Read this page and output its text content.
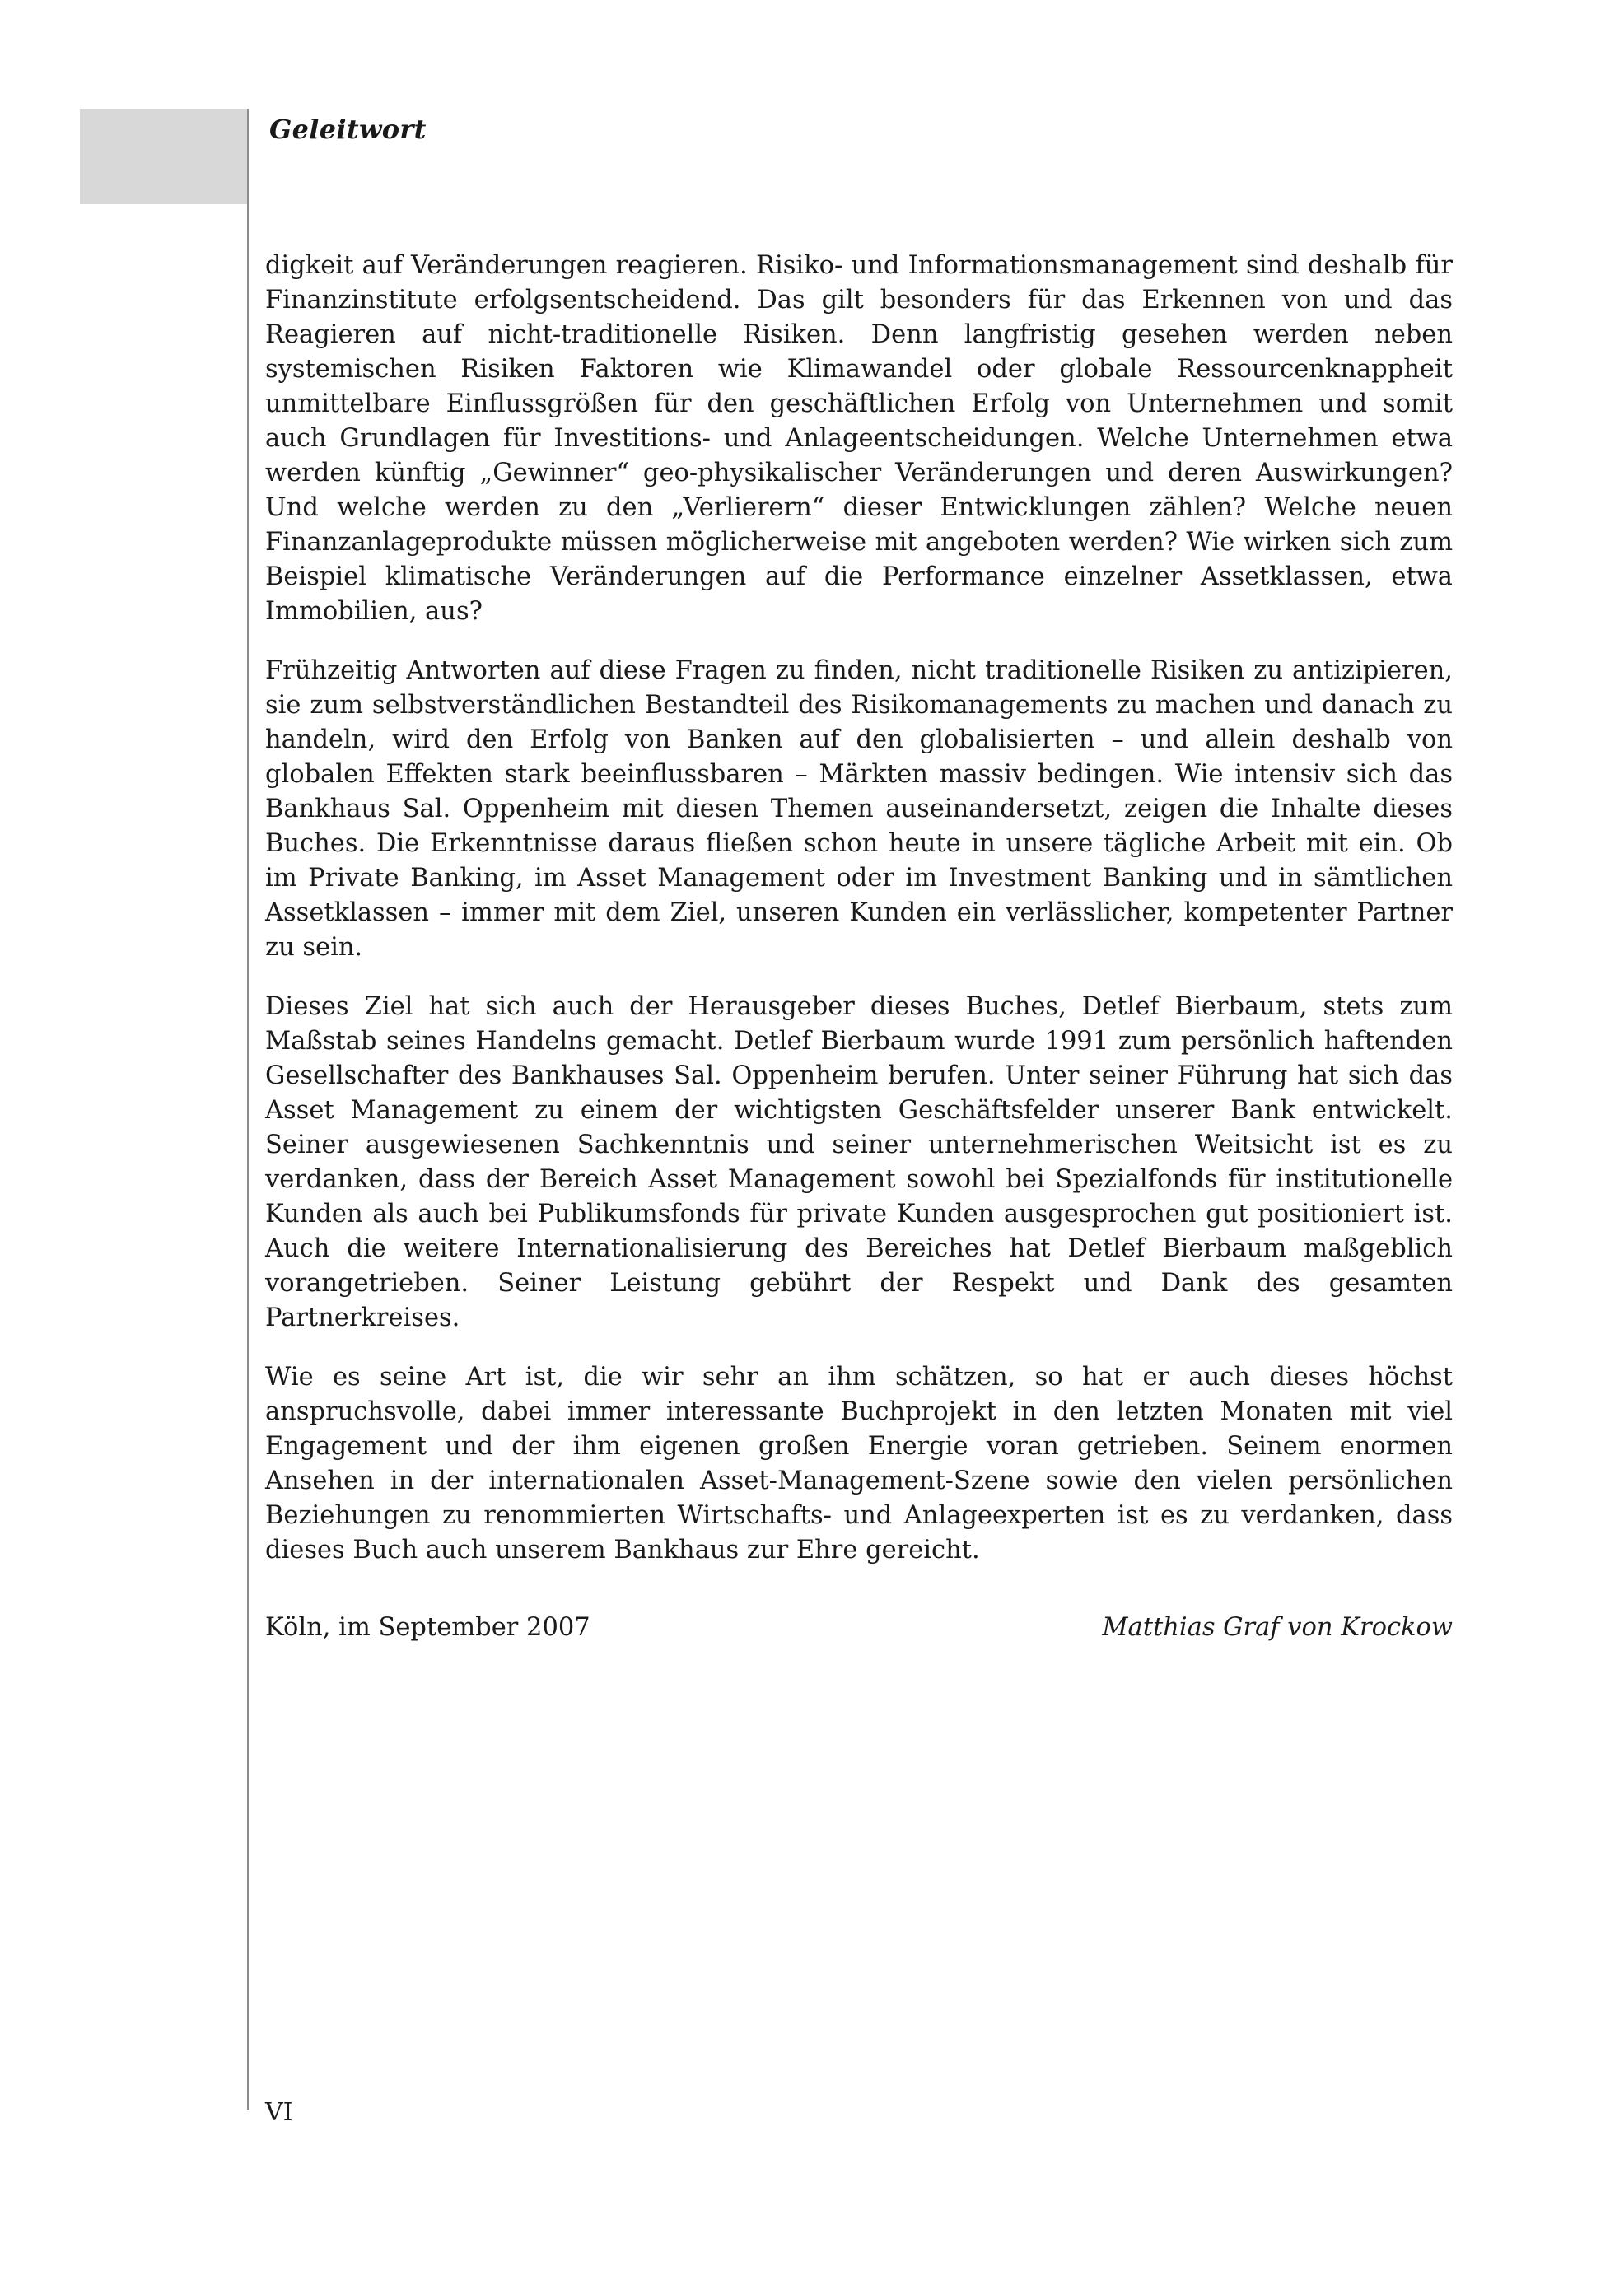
Geleitwort

digkeit auf Veränderungen reagieren. Risiko- und Informationsmanagement sind deshalb für Finanzinstitute erfolgsentscheidend. Das gilt besonders für das Erkennen von und das Reagieren auf nicht-traditionelle Risiken. Denn langfristig gesehen werden neben systemischen Risiken Faktoren wie Klimawandel oder globale Ressourcenknappheit unmittelbare Einflussgrößen für den geschäftlichen Erfolg von Unternehmen und somit auch Grundlagen für Investitions- und Anlageentscheidungen. Welche Unternehmen etwa werden künftig „Gewinner“ geo-physikalischer Veränderungen und deren Auswirkungen? Und welche werden zu den „Verlierern“ dieser Entwicklungen zählen? Welche neuen Finanzanlageprodukte müssen möglicherweise mit angeboten werden? Wie wirken sich zum Beispiel klimatische Veränderungen auf die Performance einzelner Assetklassen, etwa Immobilien, aus?

Frühzeitig Antworten auf diese Fragen zu finden, nicht traditionelle Risiken zu antizipieren, sie zum selbstverständlichen Bestandteil des Risikomanagements zu machen und danach zu handeln, wird den Erfolg von Banken auf den globalisierten – und allein deshalb von globalen Effekten stark beeinflussbaren – Märkten massiv bedingen. Wie intensiv sich das Bankhaus Sal. Oppenheim mit diesen Themen auseinandersetzt, zeigen die Inhalte dieses Buches. Die Erkenntnisse daraus fließen schon heute in unsere tägliche Arbeit mit ein. Ob im Private Banking, im Asset Management oder im Investment Banking und in sämtlichen Assetklassen – immer mit dem Ziel, unseren Kunden ein verlässlicher, kompetenter Partner zu sein.

Dieses Ziel hat sich auch der Herausgeber dieses Buches, Detlef Bierbaum, stets zum Maßstab seines Handelns gemacht. Detlef Bierbaum wurde 1991 zum persönlich haftenden Gesellschafter des Bankhauses Sal. Oppenheim berufen. Unter seiner Führung hat sich das Asset Management zu einem der wichtigsten Geschäftsfelder unserer Bank entwickelt. Seiner ausgewiesenen Sachkenntnis und seiner unternehmerischen Weitsicht ist es zu verdanken, dass der Bereich Asset Management sowohl bei Spezialfonds für institutionelle Kunden als auch bei Publikumsfonds für private Kunden ausgesprochen gut positioniert ist. Auch die weitere Internationalisierung des Bereiches hat Detlef Bierbaum maßgeblich vorangetrieben. Seiner Leistung gebührt der Respekt und Dank des gesamten Partnerkreises.

Wie es seine Art ist, die wir sehr an ihm schätzen, so hat er auch dieses höchst anspruchsvolle, dabei immer interessante Buchprojekt in den letzten Monaten mit viel Engagement und der ihm eigenen großen Energie voran getrieben. Seinem enormen Ansehen in der internationalen Asset-Management-Szene sowie den vielen persönlichen Beziehungen zu renommierten Wirtschafts- und Anlageexperten ist es zu verdanken, dass dieses Buch auch unserem Bankhaus zur Ehre gereicht.

Köln, im September 2007	Matthias Graf von Krockow
VI
